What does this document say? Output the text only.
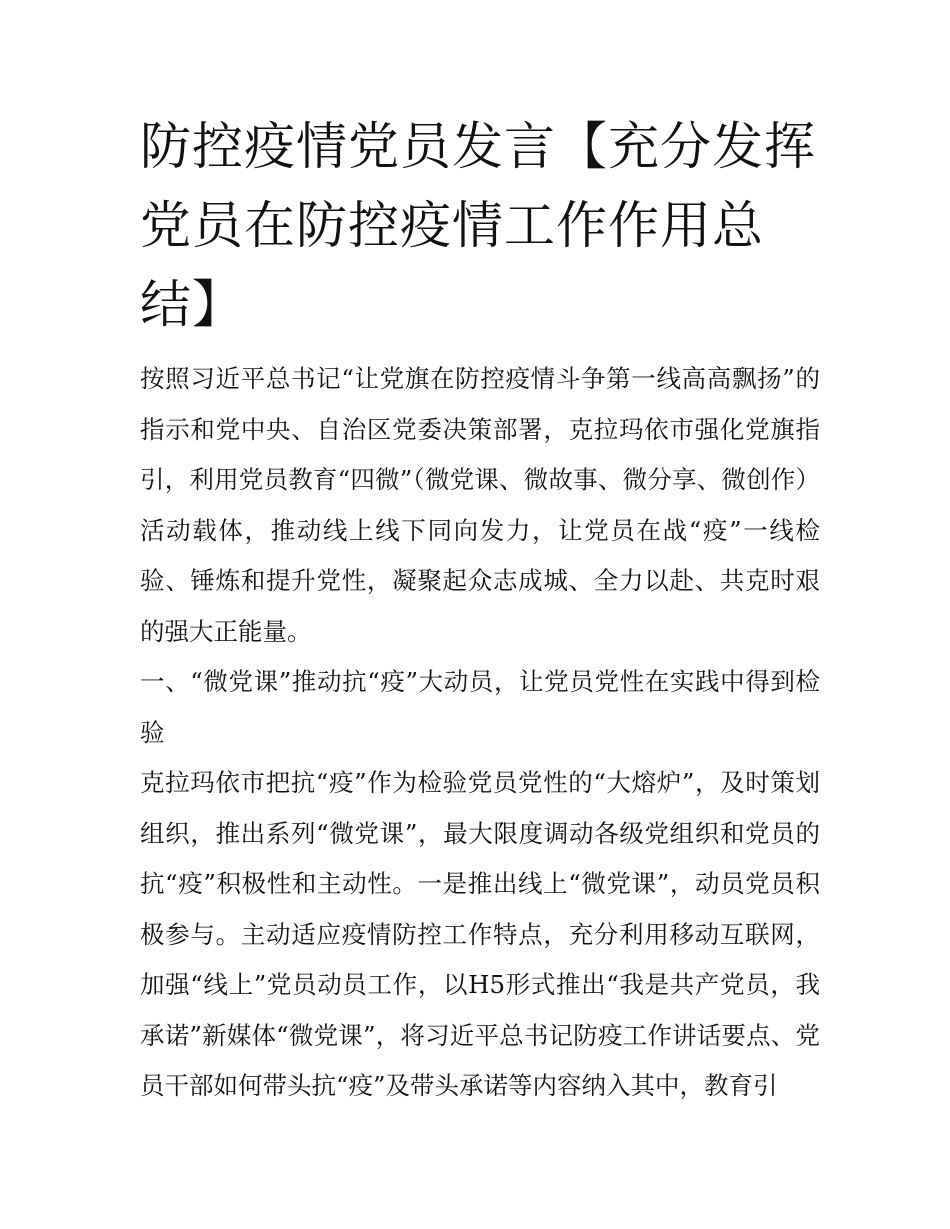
防控疫情党员发言【充分发挥党员在防控疫情工作作用总结】

按照习近平总书记“让党旗在防控疫情斗争第一线高高飘扬”的指示和党中央、自治区党委决策部署，克拉玛依市强化党旗指引，利用党员教育“四微”（微党课、微故事、微分享、微创作）活动载体，推动线上线下同向发力，让党员在战“疫”一线检验、锤炼和提升党性，凝聚起众志成城、全力以赴、共克时艰的强大正能量。

一、“微党课”推动抗“疫”大动员，让党员党性在实践中得到检验

克拉玛依市把抗“疫”作为检验党员党性的“大熔炉”，及时策划组织，推出系列“微党课”，最大限度调动各级党组织和党员的抗“疫”积极性和主动性。一是推出线上“微党课”，动员党员积极参与。主动适应疫情防控工作特点，充分利用移动互联网，加强“线上”党员动员工作，以H5形式推出“我是共产党员，我承诺”新媒体“微党课”，将习近平总书记防疫工作讲话要点、党员干部如何带头抗“疫”及带头承诺等内容纳入其中，教育引
